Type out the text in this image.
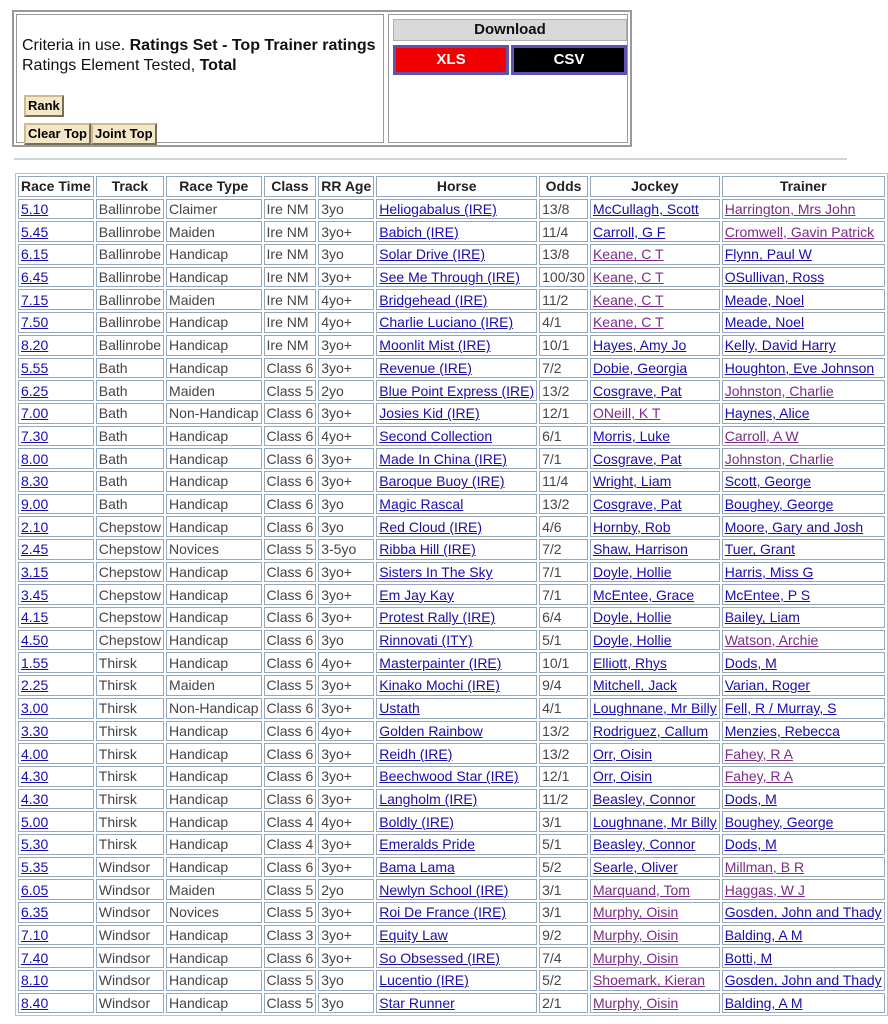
Criteria in use. Ratings Set - Top Trainer ratings
Ratings Element Tested, Total
Rank
Clear Top Joint Top
Download
XLS	CSV
Race Time	Track	Race Type	Class	RR Age	Horse	Odds	Jockey	Trainer
5.10	Ballinrobe	Claimer	Ire NM	3yo	Heliogabalus (IRE)	13/8	McCullagh, Scott	Harrington, Mrs John
5.45	Ballinrobe	Maiden	Ire NM	3yo+	Babich (IRE)	11/4	Carroll, G F	Cromwell, Gavin Patrick
6.15	Ballinrobe	Handicap	Ire NM	3yo	Solar Drive (IRE)	13/8	Keane, C T	Flynn, Paul W
6.45	Ballinrobe	Handicap	Ire NM	3yo+	See Me Through (IRE)	100/30	Keane, C T	OSullivan, Ross
7.15	Ballinrobe	Maiden	Ire NM	4yo+	Bridgehead (IRE)	11/2	Keane, C T	Meade, Noel
7.50	Ballinrobe	Handicap	Ire NM	4yo+	Charlie Luciano (IRE)	4/1	Keane, C T	Meade, Noel
8.20	Ballinrobe	Handicap	Ire NM	3yo+	Moonlit Mist (IRE)	10/1	Hayes, Amy Jo	Kelly, David Harry
5.55	Bath	Handicap	Class 6	3yo+	Revenue (IRE)	7/2	Dobie, Georgia	Houghton, Eve Johnson
6.25	Bath	Maiden	Class 5	2yo	Blue Point Express (IRE)	13/2	Cosgrave, Pat	Johnston, Charlie
7.00	Bath	Non-Handicap	Class 6	3yo+	Josies Kid (IRE)	12/1	ONeill, K T	Haynes, Alice
7.30	Bath	Handicap	Class 6	4yo+	Second Collection	6/1	Morris, Luke	Carroll, A W
8.00	Bath	Handicap	Class 6	3yo+	Made In China (IRE)	7/1	Cosgrave, Pat	Johnston, Charlie
8.30	Bath	Handicap	Class 6	3yo+	Baroque Buoy (IRE)	11/4	Wright, Liam	Scott, George
9.00	Bath	Handicap	Class 6	3yo	Magic Rascal	13/2	Cosgrave, Pat	Boughey, George
2.10	Chepstow	Handicap	Class 6	3yo	Red Cloud (IRE)	4/6	Hornby, Rob	Moore, Gary and Josh
2.45	Chepstow	Novices	Class 5	3-5yo	Ribba Hill (IRE)	7/2	Shaw, Harrison	Tuer, Grant
3.15	Chepstow	Handicap	Class 6	3yo+	Sisters In The Sky	7/1	Doyle, Hollie	Harris, Miss G
3.45	Chepstow	Handicap	Class 6	3yo+	Em Jay Kay	7/1	McEntee, Grace	McEntee, P S
4.15	Chepstow	Handicap	Class 6	3yo+	Protest Rally (IRE)	6/4	Doyle, Hollie	Bailey, Liam
4.50	Chepstow	Handicap	Class 6	3yo	Rinnovati (ITY)	5/1	Doyle, Hollie	Watson, Archie
1.55	Thirsk	Handicap	Class 6	4yo+	Masterpainter (IRE)	10/1	Elliott, Rhys	Dods, M
2.25	Thirsk	Maiden	Class 5	3yo+	Kinako Mochi (IRE)	9/4	Mitchell, Jack	Varian, Roger
3.00	Thirsk	Non-Handicap	Class 6	3yo+	Ustath	4/1	Loughnane, Mr Billy	Fell, R / Murray, S
3.30	Thirsk	Handicap	Class 6	4yo+	Golden Rainbow	13/2	Rodriguez, Callum	Menzies, Rebecca
4.00	Thirsk	Handicap	Class 6	3yo+	Reidh (IRE)	13/2	Orr, Oisin	Fahey, R A
4.30	Thirsk	Handicap	Class 6	3yo+	Beechwood Star (IRE)	12/1	Orr, Oisin	Fahey, R A
4.30	Thirsk	Handicap	Class 6	3yo+	Langholm (IRE)	11/2	Beasley, Connor	Dods, M
5.00	Thirsk	Handicap	Class 4	4yo+	Boldly (IRE)	3/1	Loughnane, Mr Billy	Boughey, George
5.30	Thirsk	Handicap	Class 4	3yo+	Emeralds Pride	5/1	Beasley, Connor	Dods, M
5.35	Windsor	Handicap	Class 6	3yo+	Bama Lama	5/2	Searle, Oliver	Millman, B R
6.05	Windsor	Maiden	Class 5	2yo	Newlyn School (IRE)	3/1	Marquand, Tom	Haggas, W J
6.35	Windsor	Novices	Class 5	3yo+	Roi De France (IRE)	3/1	Murphy, Oisin	Gosden, John and Thady
7.10	Windsor	Handicap	Class 3	3yo+	Equity Law	9/2	Murphy, Oisin	Balding, A M
7.40	Windsor	Handicap	Class 6	3yo+	So Obsessed (IRE)	7/4	Murphy, Oisin	Botti, M
8.10	Windsor	Handicap	Class 5	3yo	Lucentio (IRE)	5/2	Shoemark, Kieran	Gosden, John and Thady
8.40	Windsor	Handicap	Class 5	3yo	Star Runner	2/1	Murphy, Oisin	Balding, A M
